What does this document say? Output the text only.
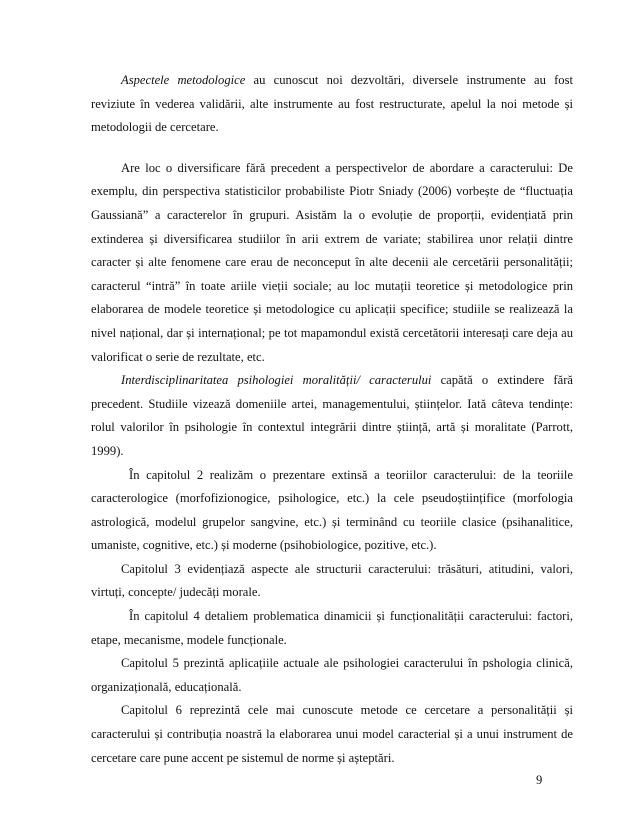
Aspectele metodologice au cunoscut noi dezvoltări, diversele instrumente au fost reviziute în vederea validării, alte instrumente au fost restructurate, apelul la noi metode și metodologii de cercetare.

Are loc o diversificare fără precedent a perspectivelor de abordare a caracterului: De exemplu, din perspectiva statisticilor probabiliste Piotr Sniady (2006) vorbește de “fluctuația Gaussiană” a caracterelor în grupuri. Asistăm la o evoluție de proporții, evidențiată prin extinderea și diversificarea studiilor în arii extrem de variate; stabilirea unor relații dintre caracter și alte fenomene care erau de neconceput în alte decenii ale cercetării personalității; caracterul “intră” în toate ariile vieții sociale; au loc mutații teoretice și metodologice prin elaborarea de modele teoretice și metodologice cu aplicații specifice; studiile se realizează la nivel național, dar și internațional; pe tot mapamondul există cercetătorii interesați care deja au valorificat o serie de rezultate, etc.

Interdisciplinaritatea psihologiei moralității/ caracterului capătă o extindere fără precedent. Studiile vizează domeniile artei, managementului, științelor. Iată câteva tendințe: rolul valorilor în psihologie în contextul integrării dintre știință, artă și moralitate (Parrott, 1999).

În capitolul 2 realizăm o prezentare extinsă a teoriilor caracterului: de la teoriile caracterologice (morfofizionogice, psihologice, etc.) la cele pseudoștiințifice (morfologia astrologică, modelul grupelor sangvine, etc.) și terminând cu teoriile clasice (psihanalitice, umaniste, cognitive, etc.) și moderne (psihobiologice, pozitive, etc.).

Capitolul 3 evidențiază aspecte ale structurii caracterului: trăsături, atitudini, valori, virtuți, concepte/ judecăți morale.

În capitolul 4 detaliem problematica dinamicii și funcționalității caracterului: factori, etape, mecanisme, modele funcționale.

Capitolul 5 prezintă aplicațiile actuale ale psihologiei caracterului în pshologia clinică, organizațională, educațională.

Capitolul 6 reprezintă cele mai cunoscute metode ce cercetare a personalității și caracterului și contribuția noastră la elaborarea unui model caracterial și a unui instrument de cercetare care pune accent pe sistemul de norme și așteptări.

9
